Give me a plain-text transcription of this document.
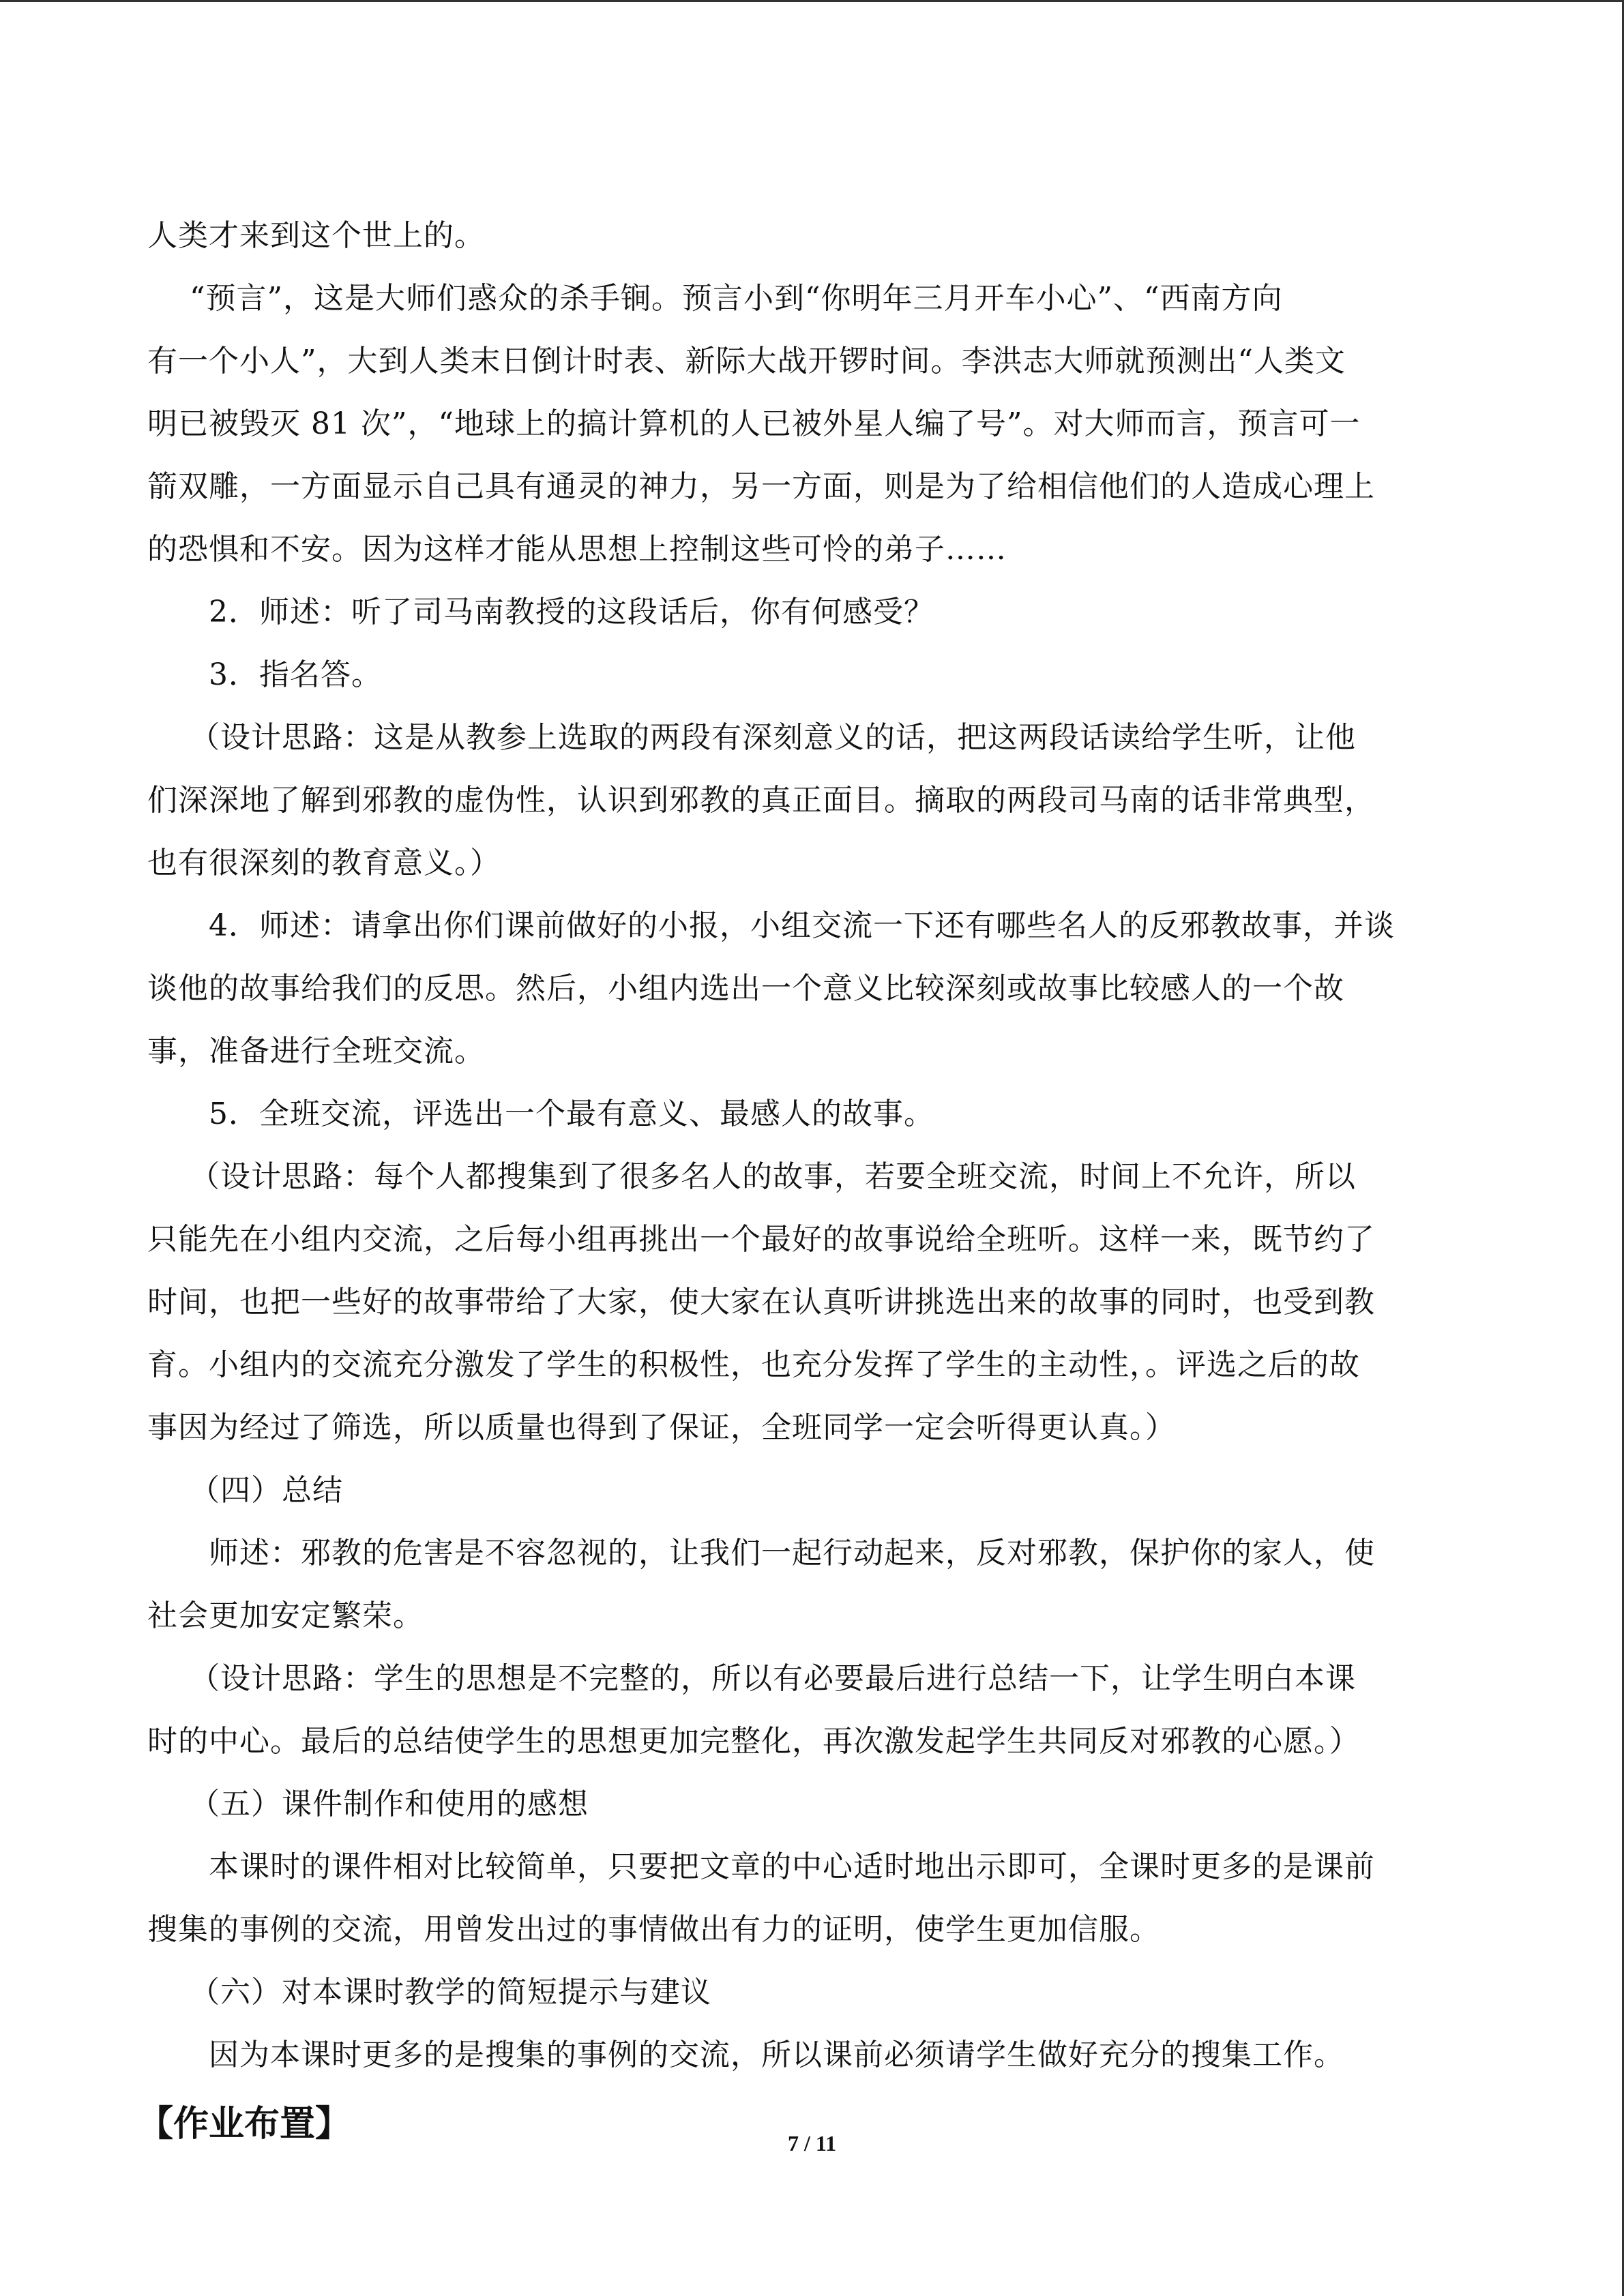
人类才来到这个世上的。
“预言”，这是大师们惑众的杀手锏。预言小到“你明年三月开车小心”、“西南方向
有一个小人”，大到人类末日倒计时表、新际大战开锣时间。李洪志大师就预测出“人类文
明已被毁灭 81 次”，“地球上的搞计算机的人已被外星人编了号”。对大师而言，预言可一
箭双雕，一方面显示自己具有通灵的神力，另一方面，则是为了给相信他们的人造成心理上
的恐惧和不安。因为这样才能从思想上控制这些可怜的弟子……
2．师述：听了司马南教授的这段话后，你有何感受？
3．指名答。
（设计思路：这是从教参上选取的两段有深刻意义的话，把这两段话读给学生听，让他
们深深地了解到邪教的虚伪性，认识到邪教的真正面目。摘取的两段司马南的话非常典型，
也有很深刻的教育意义。）
4．师述：请拿出你们课前做好的小报，小组交流一下还有哪些名人的反邪教故事，并谈
谈他的故事给我们的反思。然后，小组内选出一个意义比较深刻或故事比较感人的一个故
事，准备进行全班交流。
5．全班交流，评选出一个最有意义、最感人的故事。
（设计思路：每个人都搜集到了很多名人的故事，若要全班交流，时间上不允许，所以
只能先在小组内交流，之后每小组再挑出一个最好的故事说给全班听。这样一来，既节约了
时间，也把一些好的故事带给了大家，使大家在认真听讲挑选出来的故事的同时，也受到教
育。小组内的交流充分激发了学生的积极性，也充分发挥了学生的主动性，。评选之后的故
事因为经过了筛选，所以质量也得到了保证，全班同学一定会听得更认真。）
（四）总结
师述：邪教的危害是不容忽视的，让我们一起行动起来，反对邪教，保护你的家人，使
社会更加安定繁荣。
（设计思路：学生的思想是不完整的，所以有必要最后进行总结一下，让学生明白本课
时的中心。最后的总结使学生的思想更加完整化，再次激发起学生共同反对邪教的心愿。）
（五）课件制作和使用的感想
本课时的课件相对比较简单，只要把文章的中心适时地出示即可，全课时更多的是课前
搜集的事例的交流，用曾发出过的事情做出有力的证明，使学生更加信服。
（六）对本课时教学的简短提示与建议
因为本课时更多的是搜集的事例的交流，所以课前必须请学生做好充分的搜集工作。
【作业布置】	7 / 11
